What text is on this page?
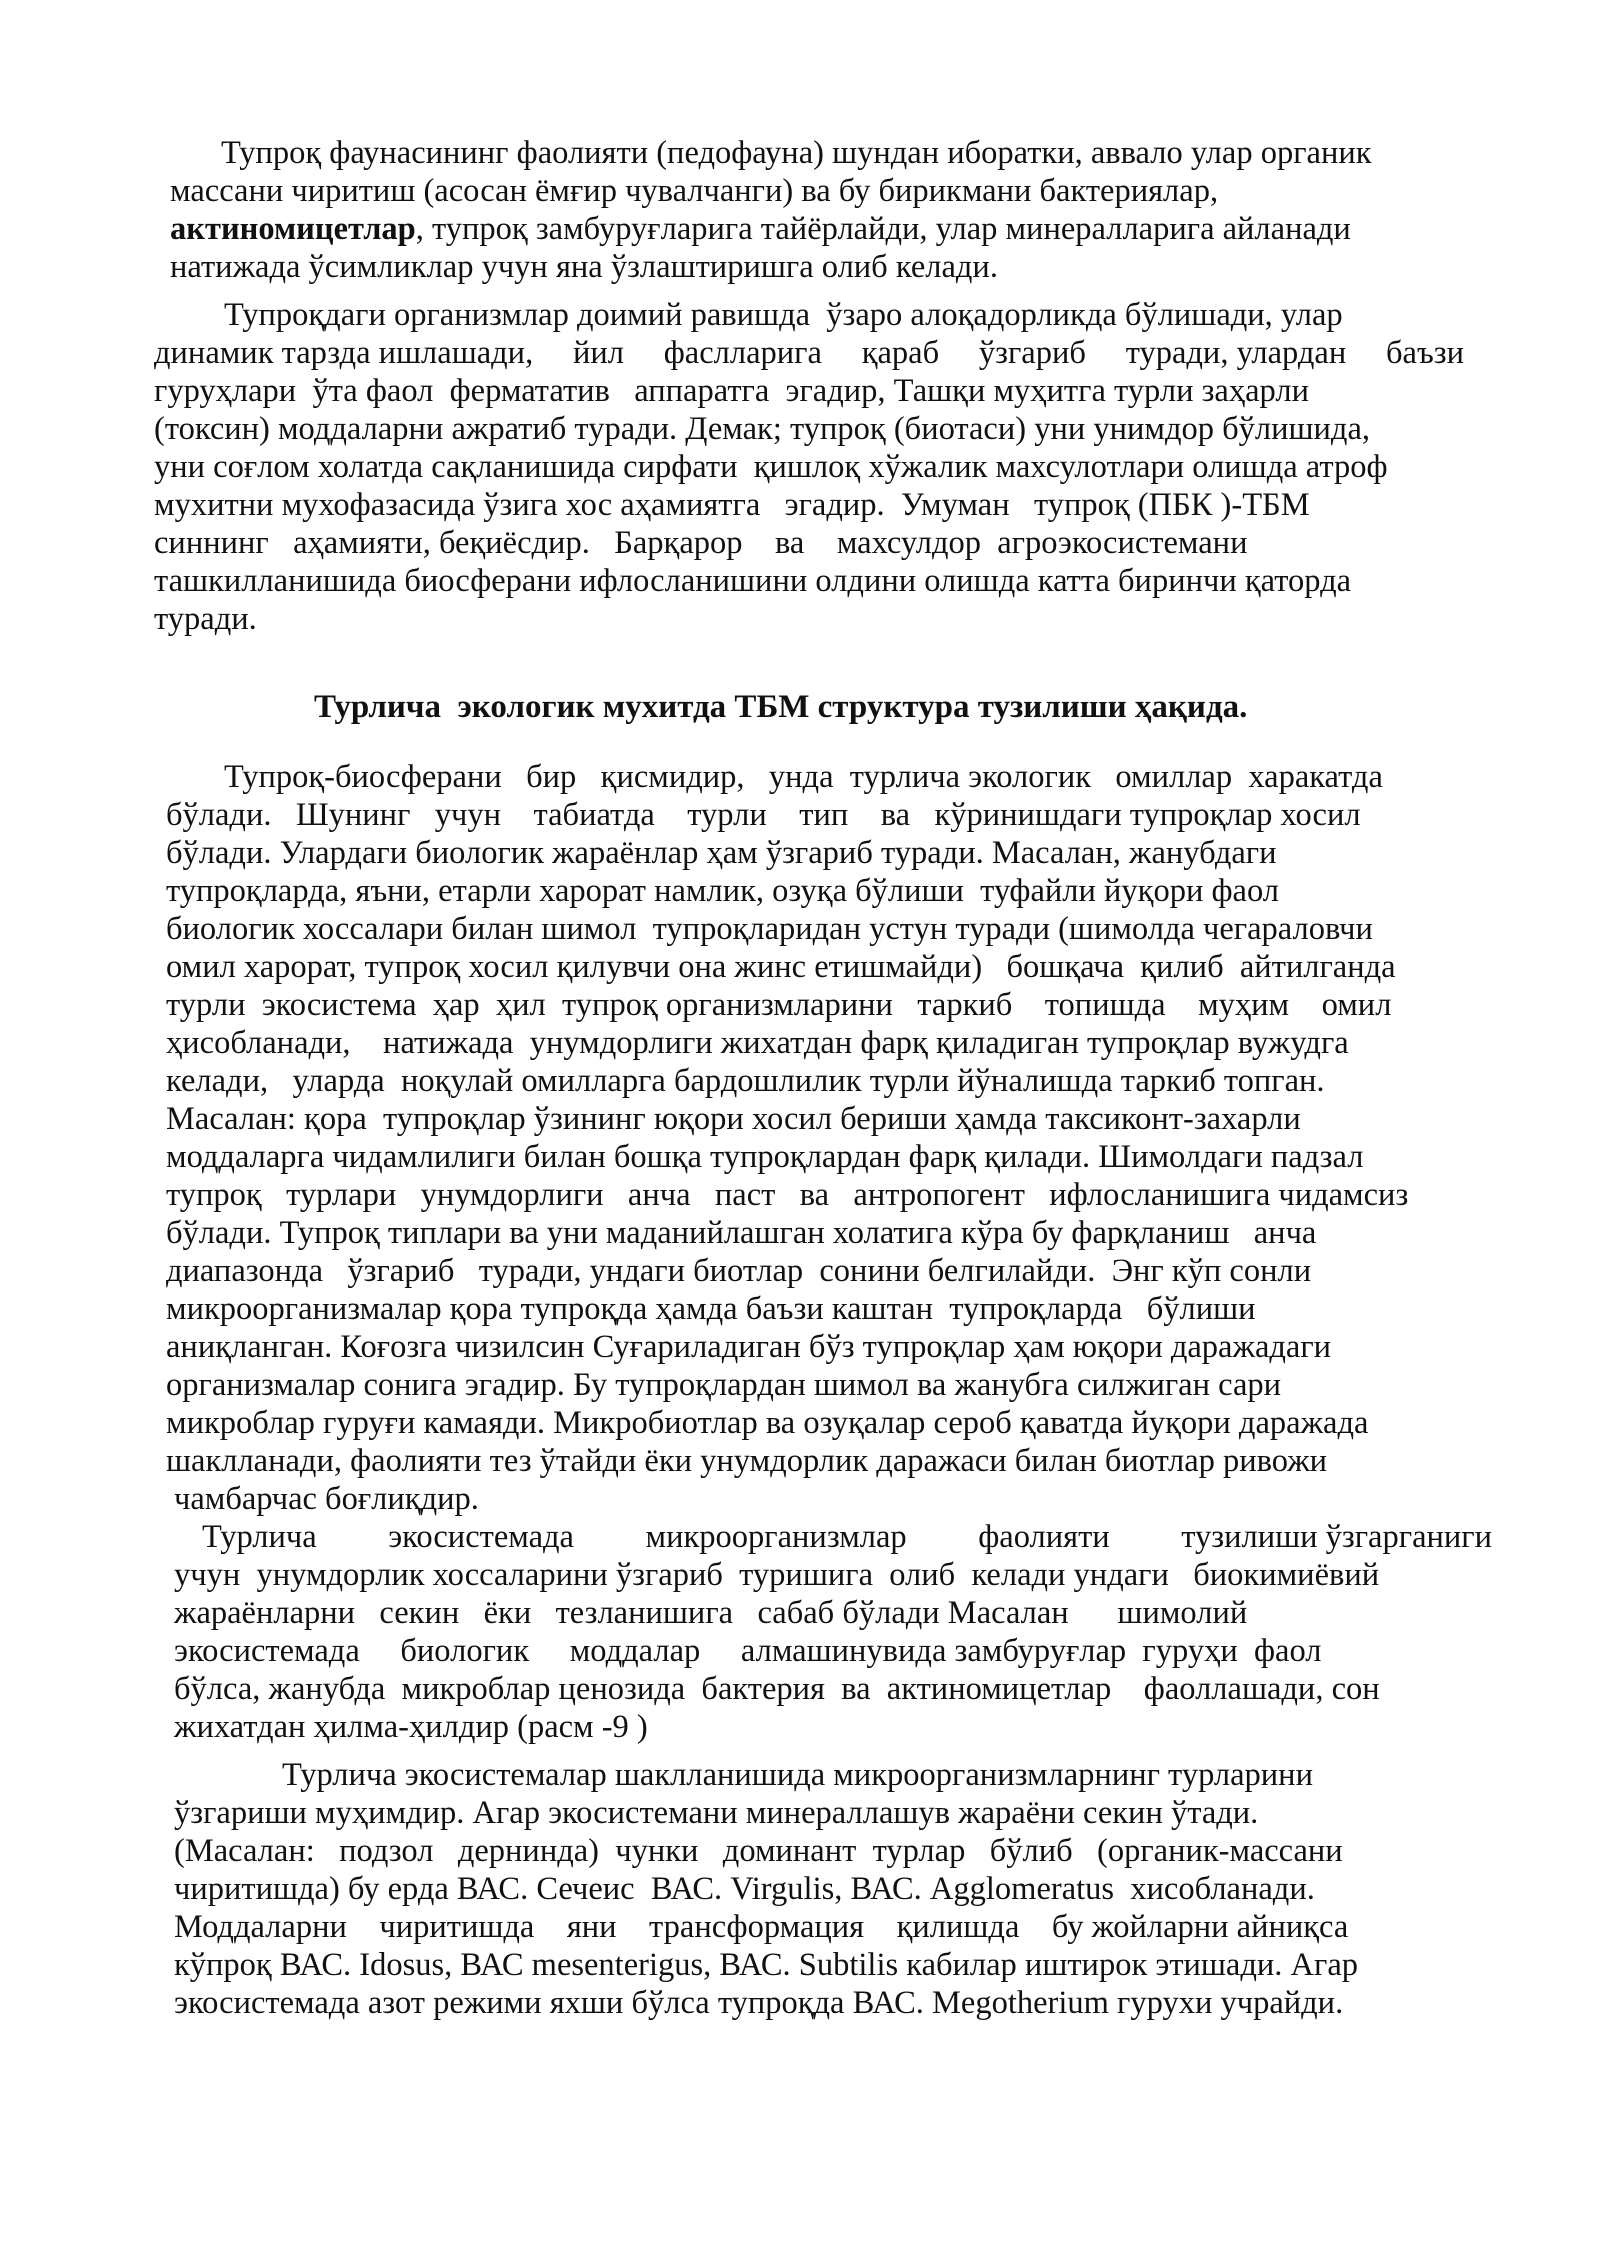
Тупроқ фаунасининг фаолияти (педофауна) шундан иборатки, аввало улар органик
массани чиритиш (асосан ёмғир чувалчанги) ва бу бирикмани бактериялар,
актиномицетлар, тупроқ замбуруғларига тайёрлайди, улар минералларига айланади
натижада ўсимликлар учун яна ўзлаштиришга олиб келади.
Тупроқдаги организмлар доимий равишда  ўзаро алоқадорликда бўлишади, улар
динамик тарзда ишлашади, йил фаслларига қараб ўзгариб туради, улардан баъзи
гуруҳлари  ўта фаол  фермататив   аппаратга  эгадир, Ташқи муҳитга турли заҳарли
(токсин) моддаларни ажратиб туради. Демак; тупроқ (биотаси) уни унимдор бўлишида,
уни соғлом холатда сақланишида сирфати  қишлоқ хўжалик махсулотлари олишда атроф
мухитни мухофазасида ўзига хос аҳамиятга   эгадир.  Умуман   тупроқ (ПБК )-ТБМ
синнинг   аҳамияти, беқиёсдир.   Барқарор    ва    махсулдор  агроэкосистемани
ташкилланишида биосферани ифлосланишини олдини олишда катта биринчи қаторда
туради.
Турлича  экологик мухитда ТБМ структура тузилиши ҳақида.
Тупроқ-биосферани   бир   қисмидир,   унда  турлича экологик   омиллар  харакатда
бўлади.   Шунинг   учун    табиатда    турли    тип    ва   кўринишдаги тупроқлар хосил
бўлади. Улардаги биологик жараёнлар ҳам ўзгариб туради. Масалан, жанубдаги
тупроқларда, яъни, етарли харорат намлик, озуқа бўлиши  туфайли йуқори фаол
биологик хоссалари билан шимол  тупроқларидан устун туради (шимолда чегараловчи
омил харорат, тупроқ хосил қилувчи она жинс етишмайди)   бошқача  қилиб  айтилганда
турли  экосистема  ҳар  ҳил  тупроқ организмларини   таркиб    топишда    муҳим    омил
ҳисобланади,    натижада  унумдорлиги жихатдан фарқ қиладиган тупроқлар вужудга
келади,   уларда  ноқулай омилларга бардошлилик турли йўналишда таркиб топган.
Масалан: қора  тупроқлар ўзининг юқори хосил бериши ҳамда таксиконт-захарли
моддаларга чидамлилиги билан бошқа тупроқлардан фарқ қилади. Шимолдаги падзал
тупроқ   турлари   унумдорлиги   анча   паст   ва   антропогент   ифлосланишига чидамсиз
бўлади. Тупроқ типлари ва уни маданийлашган холатига кўра бу фарқланиш   анча
диапазонда   ўзгариб   туради, ундаги биотлар  сонини белгилайди.  Энг кўп сонли
микроорганизмалар қора тупроқда ҳамда баъзи каштан  тупроқларда   бўлиши
аниқланган. Коғозга чизилсин Суғариладиган бўз тупроқлар ҳам юқори даражадаги
организмалар сонига эгадир. Бу тупроқлардан шимол ва жанубга силжиган сари
микроблар гуруғи камаяди. Микробиотлар ва озуқалар сероб қаватда йуқори даражада
шаклланади, фаолияти тез ўтайди ёки унумдорлик даражаси билан биотлар ривожи
чамбарчас боғлиқдир.
Турлича экосистемада микроорганизмлар фаолияти тузилиши ўзгарганиги
учун  унумдорлик хоссаларини ўзгариб  туришига  олиб  келади ундаги   биокимиёвий
жараёнларни   секин   ёки   тезланишига   сабаб бўлади Масалан      шимолий
экосистемада     биологик     моддалар     алмашинувида замбуруғлар  гуруҳи  фаол
бўлса, жанубда  микроблар ценозида  бактерия  ва  актиномицетлар    фаоллашади, сон
жихатдан ҳилма-ҳилдир (расм -9 )
Турлича экосистемалар шаклланишида микроорганизмларнинг турларини
ўзгариши муҳимдир. Агар экосистемани минераллашув жараёни секин ўтади.
(Масалан:   подзол   дернинда)  чунки   доминант  турлар   бўлиб   (органик-массани
чиритишда) бу ерда ВАС. Сечеис  ВАС. Virgulis, ВАС. Agglomeratus  хисобланади.
Моддаларни    чиритишда    яни    трансформация    қилишда    бу жойларни айниқса
кўпроқ ВАС. Idosus, ВАС mesenterigus, ВАС. Subtilis кабилар иштирок этишади. Агар
экосистемада азот режими яхши бўлса тупроқда ВАС. Megotherium гурухи учрайди.
